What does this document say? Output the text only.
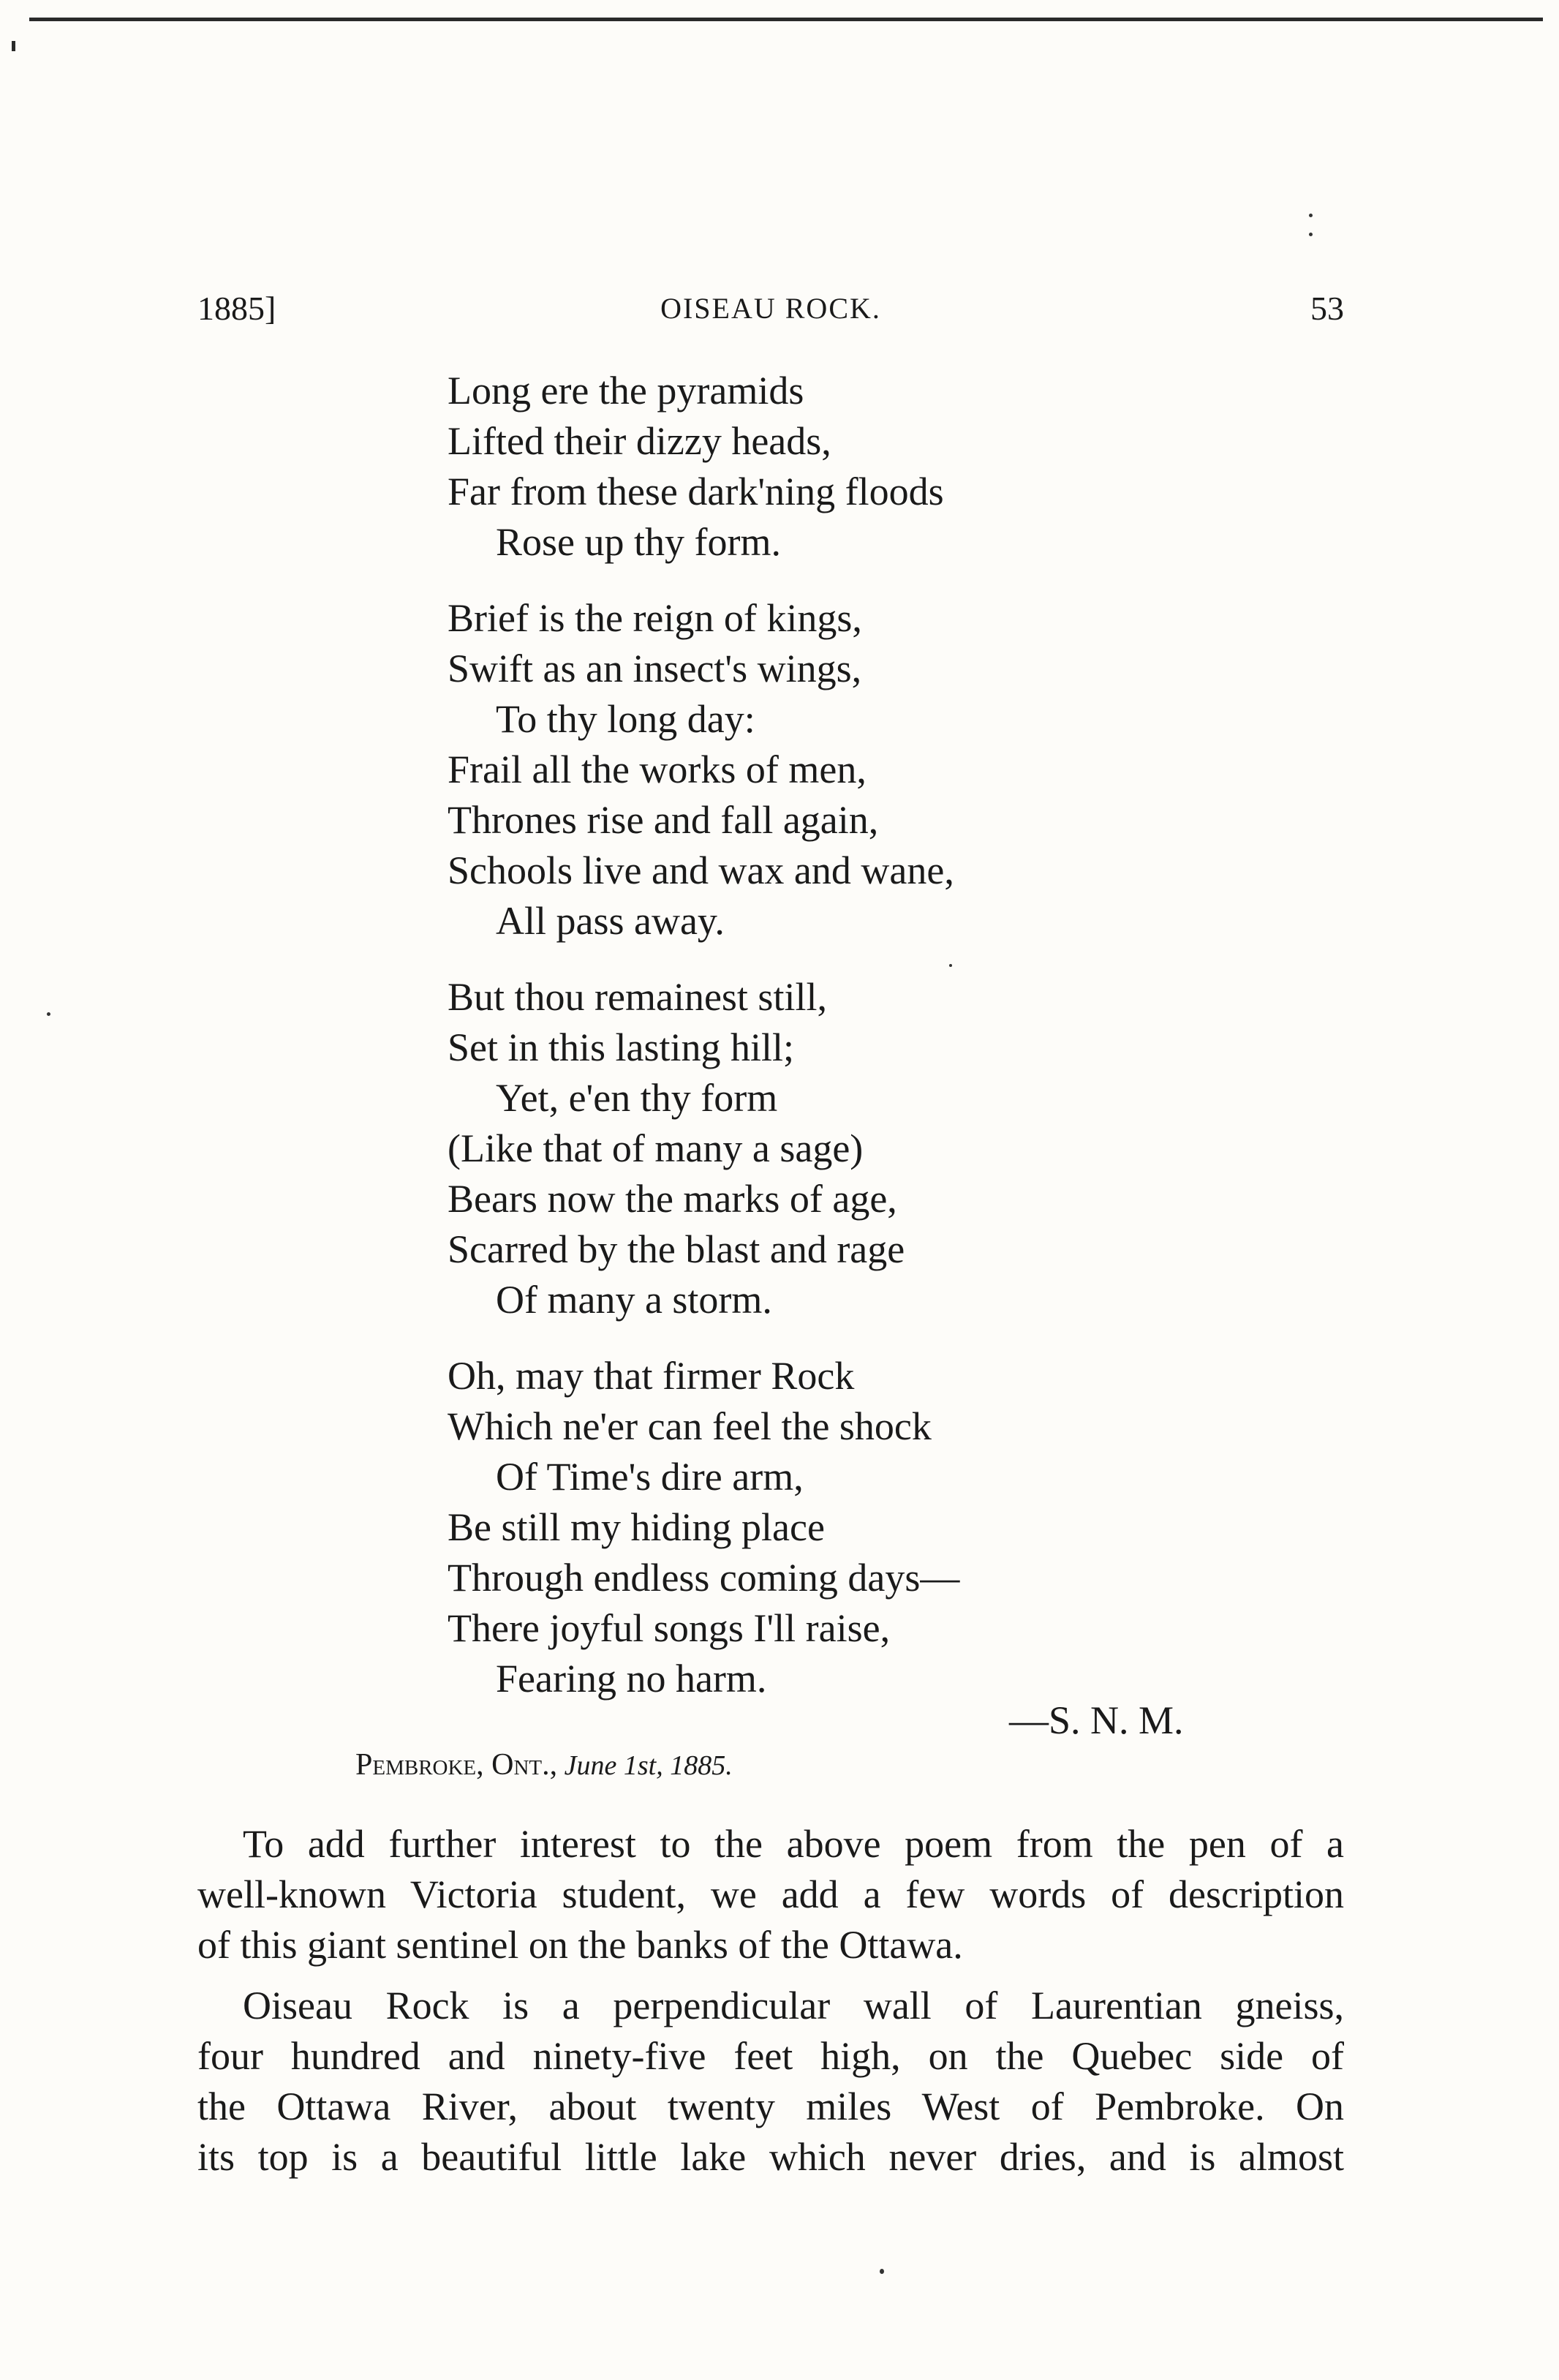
1885]	OISEAU ROCK.	53
Long ere the pyramids
Lifted their dizzy heads,
Far from these dark'ning floods
Rose up thy form.
Brief is the reign of kings,
Swift as an insect's wings,
To thy long day:
Frail all the works of men,
Thrones rise and fall again,
Schools live and wax and wane,
All pass away.
But thou remainest still,
Set in this lasting hill;
Yet, e'en thy form
(Like that of many a sage)
Bears now the marks of age,
Scarred by the blast and rage
Of many a storm.
Oh, may that firmer Rock
Which ne'er can feel the shock
Of Time's dire arm,
Be still my hiding place
Through endless coming days—
There joyful songs I'll raise,
Fearing no harm.
—S. N. M.
Pembroke, Ont., June 1st, 1885.
To add further interest to the above poem from the pen of a
well-known Victoria student, we add a few words of description
of this giant sentinel on the banks of the Ottawa.
Oiseau Rock is a perpendicular wall of Laurentian gneiss,
four hundred and ninety-five feet high, on the Quebec side of
the Ottawa River, about twenty miles West of Pembroke. On
its top is a beautiful little lake which never dries, and is almost
